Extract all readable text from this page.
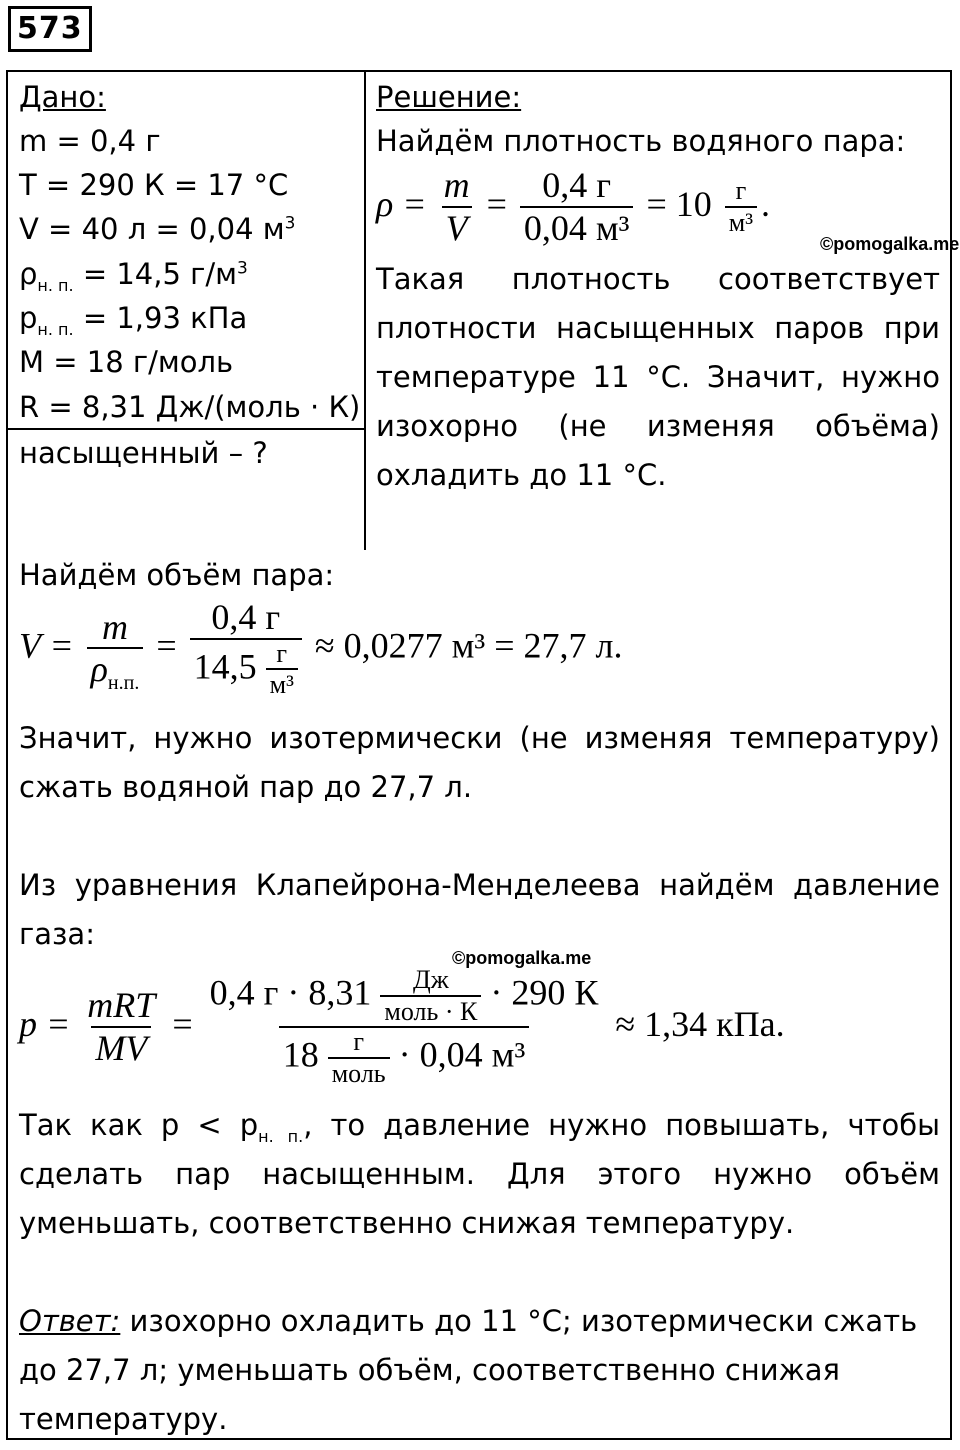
573
Дано:
m = 0,4 г
T = 290 К = 17 °С
V = 40 л = 0,04 $м^3$
$\rho_{н. п.} = 14,5$ $г/м^3$
$p_{н. п.} = 1,93$ кПа
M = 18 г/моль
R = 8,31 Дж/(моль · К)
насыщенный – ?
Решение:
Найдём плотность водяного пара:
$\rho = \frac{m}{V} = \frac{0,4 г}{\text{0,04 м³}} = 10 \frac{г}{\text{м³}}$ .
©pomogalka.me
Такая плотность соответствует
плотности насыщенных паров при
температуре 11 °С. Значит, нужно
изохорно (не изменяя объёма)
охладить до 11 °С.
Найдём объём пара:
$V = \frac{m}{\rho_{н.п.}} = \frac{0,4 г}{14,5 \frac{г}{\text{м³}}} \approx 0,0277$ м³ = 27,7 л.
Значит, нужно изотермически (не изменяя температуру)
сжать водяной пар до 27,7 л.
Из уравнения Клапейрона-Менделеева найдём давление
газа:
©pomogalka.me
$p = \frac{\text{mRT}}{MV} = \frac{0,4 г \cdot 8,31 \frac{Дж}{\text{моль · К}} \cdot 290 К}{18 \frac{г}{\text{моль}} \cdot 0,04 м^3} \approx 1,34$ кПа.
Так как $p < p_{н. п.}$, то давление нужно повышать, чтобы
сделать пар насыщенным. Для этого нужно объём
уменьшать, соответственно снижая температуру.
Ответ: изохорно охладить до 11 °С; изотермически сжать
до 27,7 л; уменьшать объём, соответственно снижая
температуру.
